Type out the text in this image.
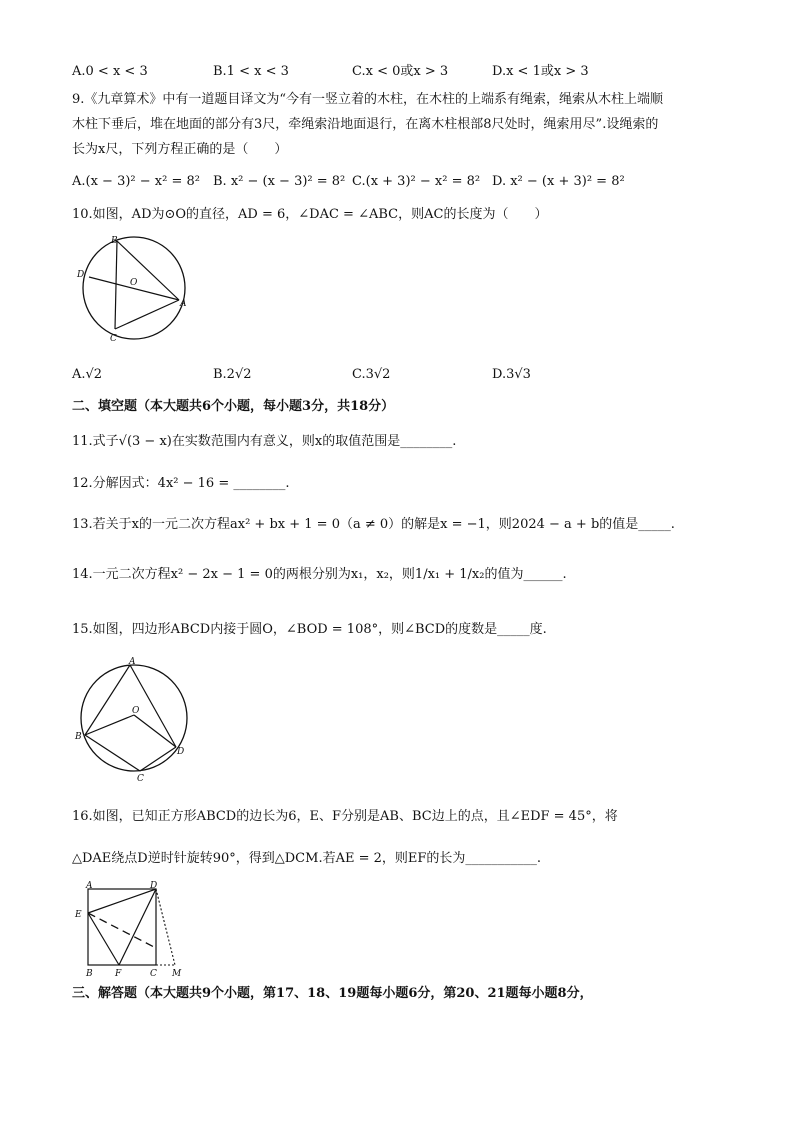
A.0 < x < 3	B.1 < x < 3	C.x < 0或x > 3	D.x < 1或x > 3
9.《九章算术》中有一道题目译文为“今有一竖立着的木柱，在木柱的上端系有绳索，绳索从木柱上端顺
木柱下垂后，堆在地面的部分有3尺，牵绳索沿地面退行，在离木柱根部8尺处时，绳索用尽”.设绳索的
长为x尺，下列方程正确的是（　　）
A.(x − 3)² − x² = 8² B. x² − (x − 3)² = 8² C.(x + 3)² − x² = 8² D. x² − (x + 3)² = 8²
10.如图，AD为⊙O的直径，AD = 6，∠DAC = ∠ABC，则AC的长度为（　　）
B
D
O
A
C
A.√2	B.2√2	C.3√2	D.3√3
二、填空题（本大题共6个小题，每小题3分，共18分）
11.式子√(3 − x)在实数范围内有意义，则x的取值范围是________.
12.分解因式：4x² − 16 = ________.
13.若关于x的一元二次方程ax² + bx + 1 = 0（a ≠ 0）的解是x = −1，则2024 − a + b的值是_____.
14.一元二次方程x² − 2x − 1 = 0的两根分别为x₁，x₂，则1/x₁ + 1/x₂的值为______.
15.如图，四边形ABCD内接于圆O，∠BOD = 108°，则∠BCD的度数是_____度.
A
O
B
D
C
16.如图，已知正方形ABCD的边长为6，E、F分别是AB、BC边上的点，且∠EDF = 45°，将
△DAE绕点D逆时针旋转90°，得到△DCM.若AE = 2，则EF的长为___________.
A	D
E
B F	C M
三、解答题（本大题共9个小题，第17、18、19题每小题6分，第20、21题每小题8分，
